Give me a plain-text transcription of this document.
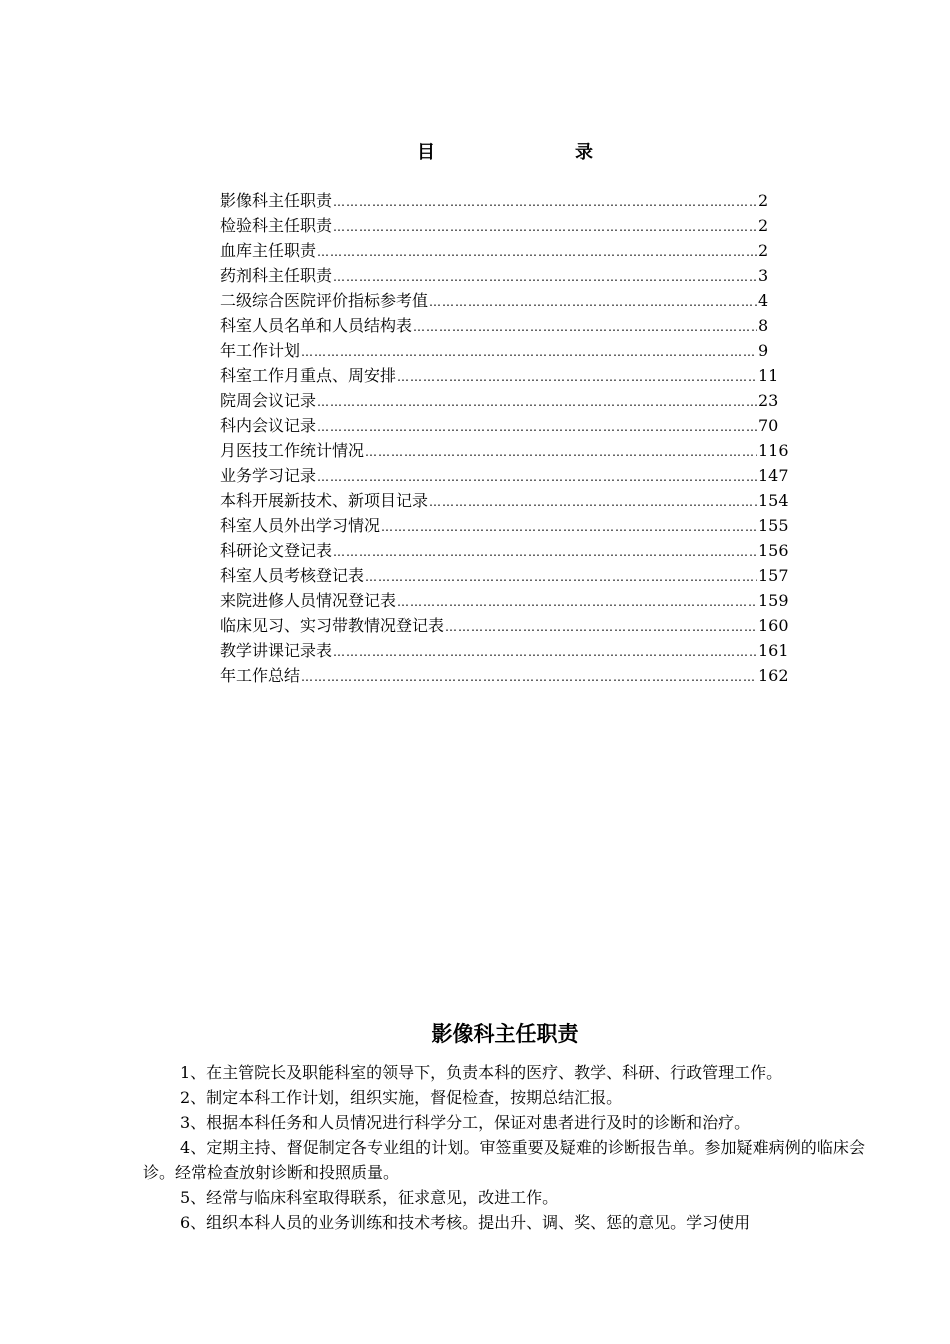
目	录
影像科主任职责 ………………………………………………………………………………………………………………………………………	2
检验科主任职责 ………………………………………………………………………………………………………………………………………	2
血库主任职责 ………………………………………………………………………………………………………………………………………	2
药剂科主任职责 ………………………………………………………………………………………………………………………………………	3
二级综合医院评价指标参考值 ………………………………………………………………………………………………………………………………………	4
科室人员名单和人员结构表 ………………………………………………………………………………………………………………………………………	8
年工作计划 ………………………………………………………………………………………………………………………………………	9
科室工作月重点、周安排 ………………………………………………………………………………………………………………………………………	11
院周会议记录 ………………………………………………………………………………………………………………………………………	23
科内会议记录 ………………………………………………………………………………………………………………………………………	70
月医技工作统计情况 ………………………………………………………………………………………………………………………………………	116
业务学习记录 ………………………………………………………………………………………………………………………………………	147
本科开展新技术、新项目记录 ………………………………………………………………………………………………………………………………………	154
科室人员外出学习情况 ………………………………………………………………………………………………………………………………………	155
科研论文登记表 ………………………………………………………………………………………………………………………………………	156
科室人员考核登记表 ………………………………………………………………………………………………………………………………………	157
来院进修人员情况登记表 ………………………………………………………………………………………………………………………………………	159
临床见习、实习带教情况登记表 ………………………………………………………………………………………………………………………………………	160
教学讲课记录表 ………………………………………………………………………………………………………………………………………	161
年工作总结 ………………………………………………………………………………………………………………………………………	162
影像科主任职责

1、在主管院长及职能科室的领导下，负责本科的医疗、教学、科研、行政管理工作。

2、制定本科工作计划，组织实施，督促检查，按期总结汇报。

3、根据本科任务和人员情况进行科学分工，保证对患者进行及时的诊断和治疗。

4、定期主持、督促制定各专业组的计划。审签重要及疑难的诊断报告单。参加疑难病例的临床会诊。经常检查放射诊断和投照质量。

5、经常与临床科室取得联系，征求意见，改进工作。

6、组织本科人员的业务训练和技术考核。提出升、调、奖、惩的意见。学习使用
